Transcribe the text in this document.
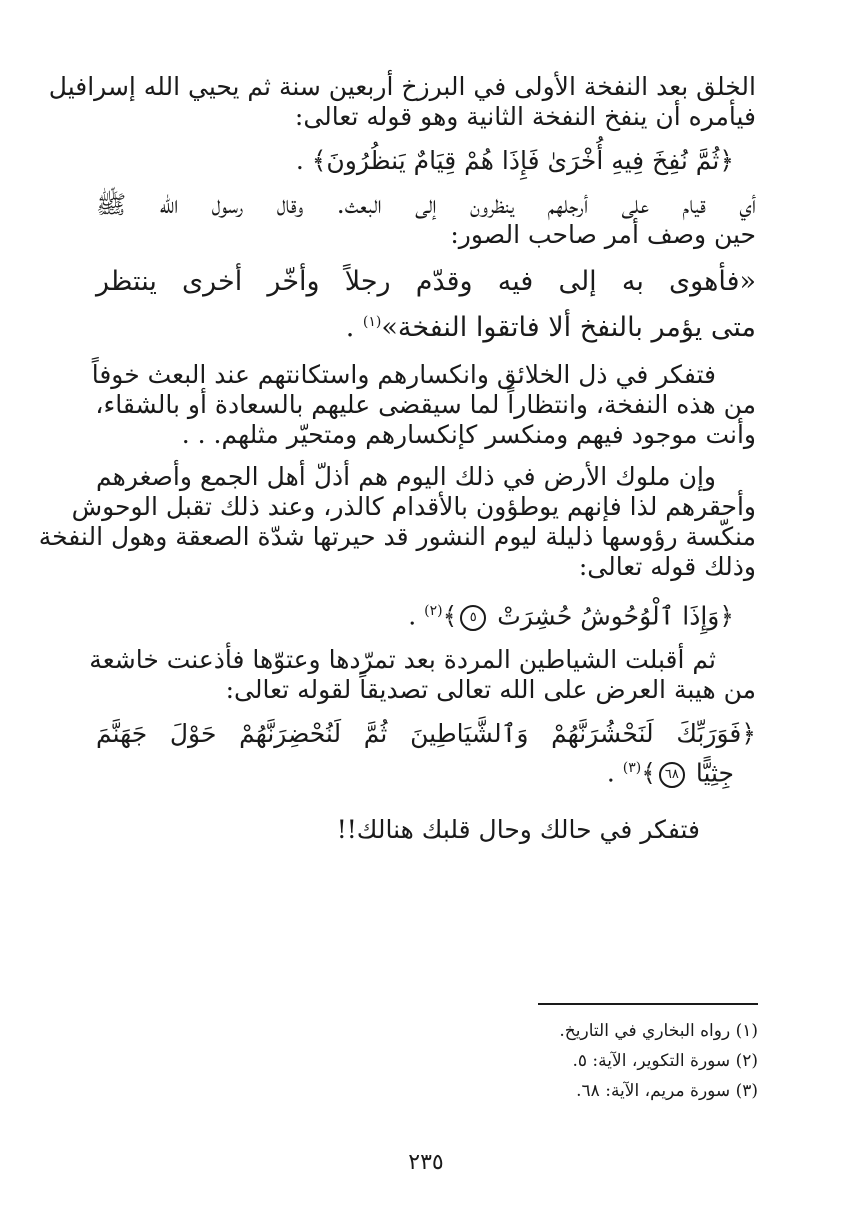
الخلق بعد النفخة الأولى في البرزخ أربعين سنة ثم يحيي الله إسرافيل
فيأمره أن ينفخ النفخة الثانية وهو قوله تعالى:
﴿ثُمَّ نُفِخَ فِيهِ أُخْرَىٰ فَإِذَا هُمْ قِيَامٌ يَنظُرُونَ﴾ .
أي قيام على أرجلهم ينظرون إلى البعث. وقال رسول الله ﷺ
حين وصف أمر صاحب الصور:
«فأهوى به إلى فيه وقدّم رجلاً وأخّر أخرى ينتظر
متى يؤمر بالنفخ ألا فاتقوا النفخة»$^{(١)}$ .
فتفكر في ذل الخلائق وانكسارهم واستكانتهم عند البعث خوفاً
من هذه النفخة، وانتظاراً لما سيقضى عليهم بالسعادة أو بالشقاء،
وأنت موجود فيهم ومنكسر كإنكسارهم ومتحيّر مثلهم. . .
وإن ملوك الأرض في ذلك اليوم هم أذلّ أهل الجمع وأصغرهم
وأحقرهم لذا فإنهم يوطؤون بالأقدام كالذر، وعند ذلك تقبل الوحوش
منكّسة رؤوسها ذليلة ليوم النشور قد حيرتها شدّة الصعقة وهول النفخة
وذلك قوله تعالى:
﴿وَإِذَا ٱلْوُحُوشُ حُشِرَتْ ٥﴾$^{(٢)}$ .
ثم أقبلت الشياطين المردة بعد تمرّدها وعتوّها فأذعنت خاشعة
من هيبة العرض على الله تعالى تصديقاً لقوله تعالى:
﴿فَوَرَبِّكَ لَنَحْشُرَنَّهُمْ وَٱلشَّيَاطِينَ ثُمَّ لَنُحْضِرَنَّهُمْ حَوْلَ جَهَنَّمَ
جِثِيًّا ٦٨﴾$^{(٣)}$ .
فتفكر في حالك وحال قلبك هنالك!!
(١) رواه البخاري في التاريخ.
(٢) سورة التكوير، الآية: ٥.
(٣) سورة مريم، الآية: ٦٨.
٢٣٥
